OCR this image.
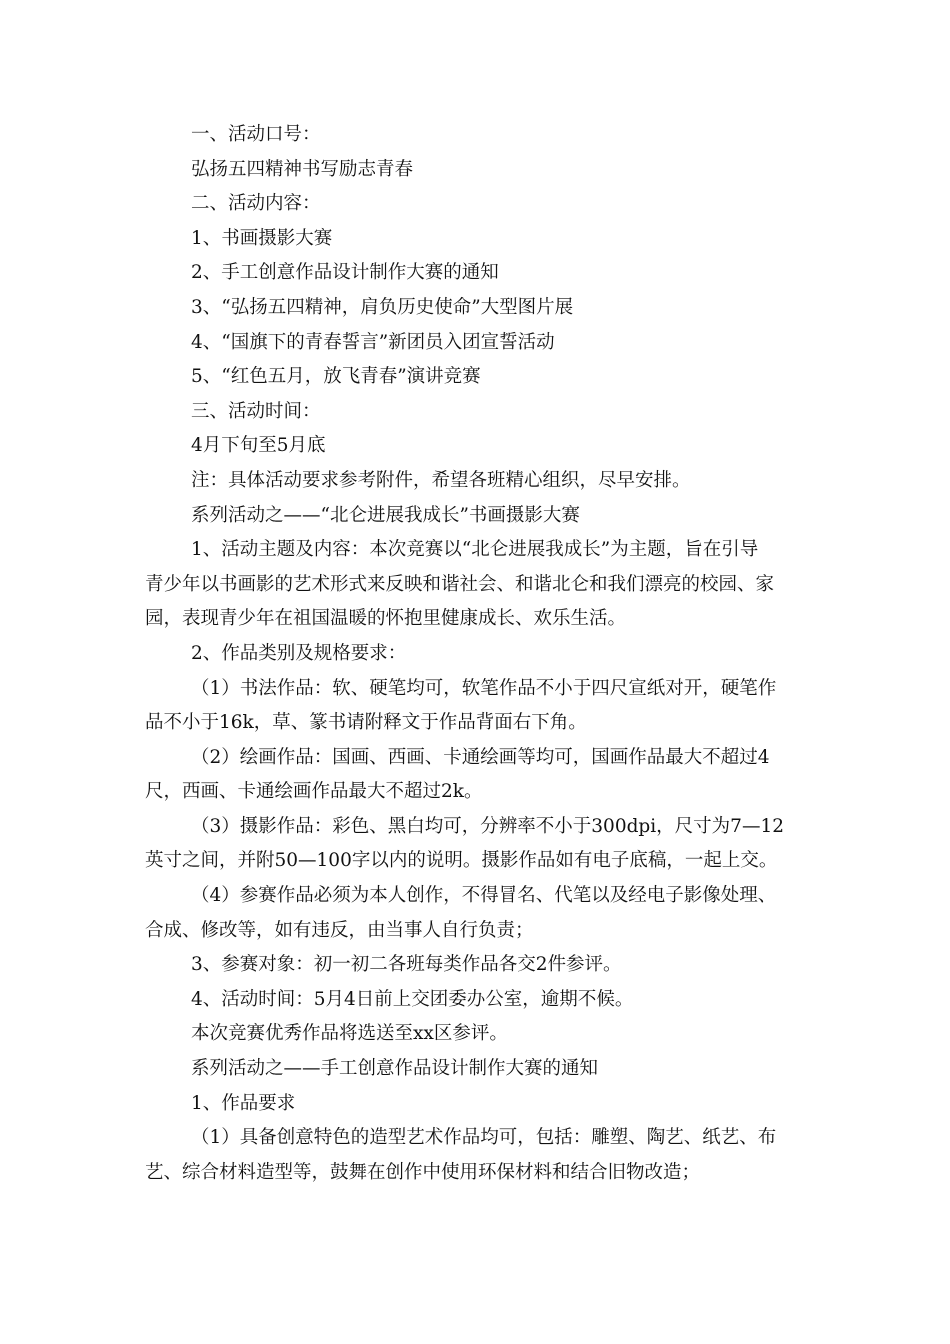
一、活动口号：

弘扬五四精神书写励志青春

二、活动内容：

1、书画摄影大赛

2、手工创意作品设计制作大赛的通知

3、“弘扬五四精神，肩负历史使命”大型图片展

4、“国旗下的青春誓言”新团员入团宣誓活动

5、“红色五月，放飞青春”演讲竞赛

三、活动时间：

4月下旬至5月底

注：具体活动要求参考附件，希望各班精心组织，尽早安排。

系列活动之——“北仑进展我成长”书画摄影大赛

1、活动主题及内容：本次竞赛以“北仑进展我成长”为主题，旨在引导
青少年以书画影的艺术形式来反映和谐社会、和谐北仑和我们漂亮的校园、家
园，表现青少年在祖国温暖的怀抱里健康成长、欢乐生活。

2、作品类别及规格要求：

（1）书法作品：软、硬笔均可，软笔作品不小于四尺宣纸对开，硬笔作
品不小于16k，草、篆书请附释文于作品背面右下角。
（2）绘画作品：国画、西画、卡通绘画等均可，国画作品最大不超过4
尺，西画、卡通绘画作品最大不超过2k。
（3）摄影作品：彩色、黑白均可，分辨率不小于300dpi，尺寸为7—12
英寸之间，并附50—100字以内的说明。摄影作品如有电子底稿，一起上交。
（4）参赛作品必须为本人创作，不得冒名、代笔以及经电子影像处理、
合成、修改等，如有违反，由当事人自行负责；

3、参赛对象：初一初二各班每类作品各交2件参评。

4、活动时间：5月4日前上交团委办公室，逾期不候。

本次竞赛优秀作品将选送至xx区参评。

系列活动之——手工创意作品设计制作大赛的通知

1、作品要求

（1）具备创意特色的造型艺术作品均可，包括：雕塑、陶艺、纸艺、布
艺、综合材料造型等，鼓舞在创作中使用环保材料和结合旧物改造；
